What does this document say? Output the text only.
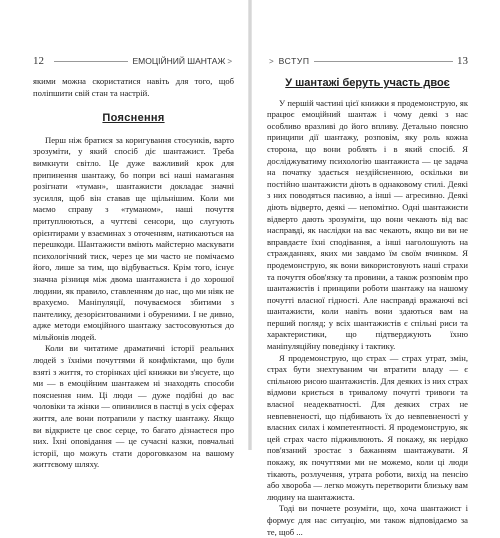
12	ЕМОЦІЙНИЙ ШАНТАЖ >

якими можна скористатися навіть для того, щоб поліпшити свій стан та настрій.

Пояснення

Перш ніж братися за коригування стосунків, варто зрозуміти, у який спосіб діє шантажист. Треба вимкнути світло. Це дуже важливий крок для припинення шантажу, бо попри всі наші намагання розігнати «туман», шантажисти докладає значні зусилля, щоб він ставав ще щільнішим. Коли ми маємо справу з «туманом», наші почуття притуплюються, а чуттєві сенсори, що слугують орієнтирами у взаєминах з оточенням, натикаються на перешкоди. Шантажисти вміють майстерно маскувати психологічний тиск, через це ми часто не помічаємо його, лише за тим, що відбувається. Крім того, існує значна різниця між двома шантажиста і до хорошої людини, як правило, ставленням до нас, що ми ніяк не врахуємо. Маніпуляції, почуваємося збитими з пантелику, дезорієнтованими і обуреними. І не дивно, адже методи емоційного шантажу застосовуються до мільйонів людей.

Коли ви читатиме драматичні історії реальних людей з їхніми почуттями й конфліктами, що були взяті з життя, то сторінках цієї книжки ви з'ясуєте, що ми — в емоційним шантажем ні знаходять способи пояснення ним. Ці люди — дуже подібні до вас чоловіки та жінки — опинилися в пастці в усіх сферах життя, але вони потрапили у пастку шантажу. Якщо ви відкриєте це своє серце, то багато дізнаєтеся про них. Їхні оповідання — це сучасні казки, повчальні історії, що можуть стати дороговказом на вашому життєвому шляху.

> ВСТУП	13
У шантажі беруть участь двоє

У першій частині цієї книжки я продемонструю, як працює емоційний шантаж і чому деякі з нас особливо вразливі до його впливу. Детально поясню принципи дії шантажу, розповім, яку роль кожна сторона, що вони роблять і в який спосіб. Я досліджуватиму психологію шантажиста — це задача на початку здається нездійсненною, оскільки ви постійно шантажисти діють в однаковому стилі. Деякі з них поводяться пасивно, а інші — агресивно. Деякі діють відверто, деякі — непомітно. Одні шантажисти відверто дають зрозуміти, що вони чекають від вас насправді, як наслідки на вас чекають, якщо ви ви не вправдаєте їхні сподівання, а інші наголошують на стражданнях, яких ми завдамо їм своїм вчинком. Я продемонструю, як вони використовують наші страхи та почуття обов'язку та провини, а також розповім про шантажистів і принципи роботи шантажу на нашому почутті власної гідності. Але насправді вражаючі всі шантажисти, коли навіть вони здаються вам на перший погляд; у всіх шантажистів є спільні риси та характеристики, що підтверджують їхню маніпуляційну поведінку і тактику.

Я продемонструю, що страх — страх утрат, змін, страх бути знехтуваним чи втратити владу — є спільною рисою шантажистів. Для деяких із них страх відмови криється в тривалому почутті тривоги та власної неадекватності. Для деяких страх не невпевненості, що підбивають їх до невпевненості у власних силах і компетентності. Я продемонструю, як цей страх часто підживлюють. Я покажу, як нерідко пов'язаний зростає з бажанням шантажувати. Я покажу, як почуттями ми не можемо, коли ці люди тікають, розлучення, утрата роботи, вихід на пенсію або хвороба — легко можуть перетворити близьку вам людину на шантажиста.

Тоді ви почнете розуміти, що, хоча шантажист і формує для нас ситуацію, ми також відповідаємо за те, щоб ...
